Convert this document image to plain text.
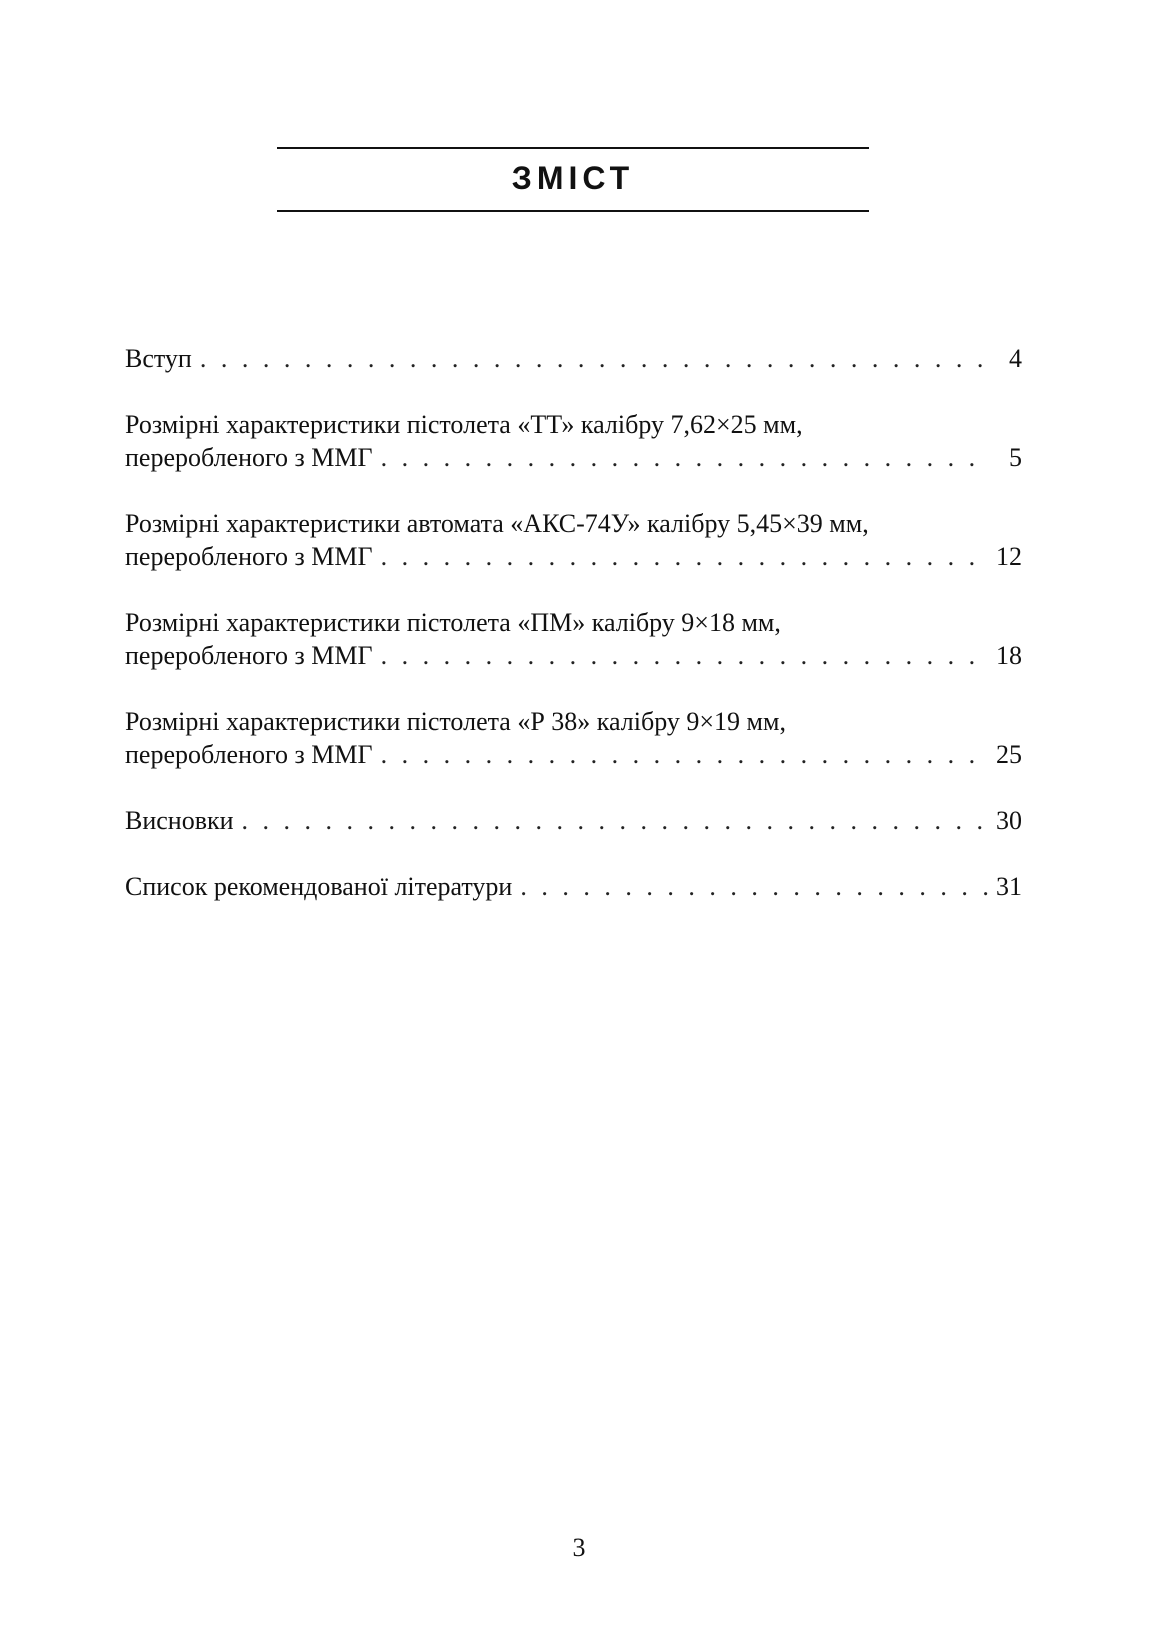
ЗМІСТ
Вступ . . .	4
Розмірні характеристики пістолета «ТТ» калібру 7,62×25 мм,
переробленого з ММГ . . .	5
Розмірні характеристики автомата «АКС-74У» калібру 5,45×39 мм,
переробленого з ММГ . . .	12
Розмірні характеристики пістолета «ПМ» калібру 9×18 мм,
переробленого з ММГ . . .	18
Розмірні характеристики пістолета «Р 38» калібру 9×19 мм,
переробленого з ММГ . . .	25
Висновки . . .	30
Список рекомендованої літератури . . .	31
3
